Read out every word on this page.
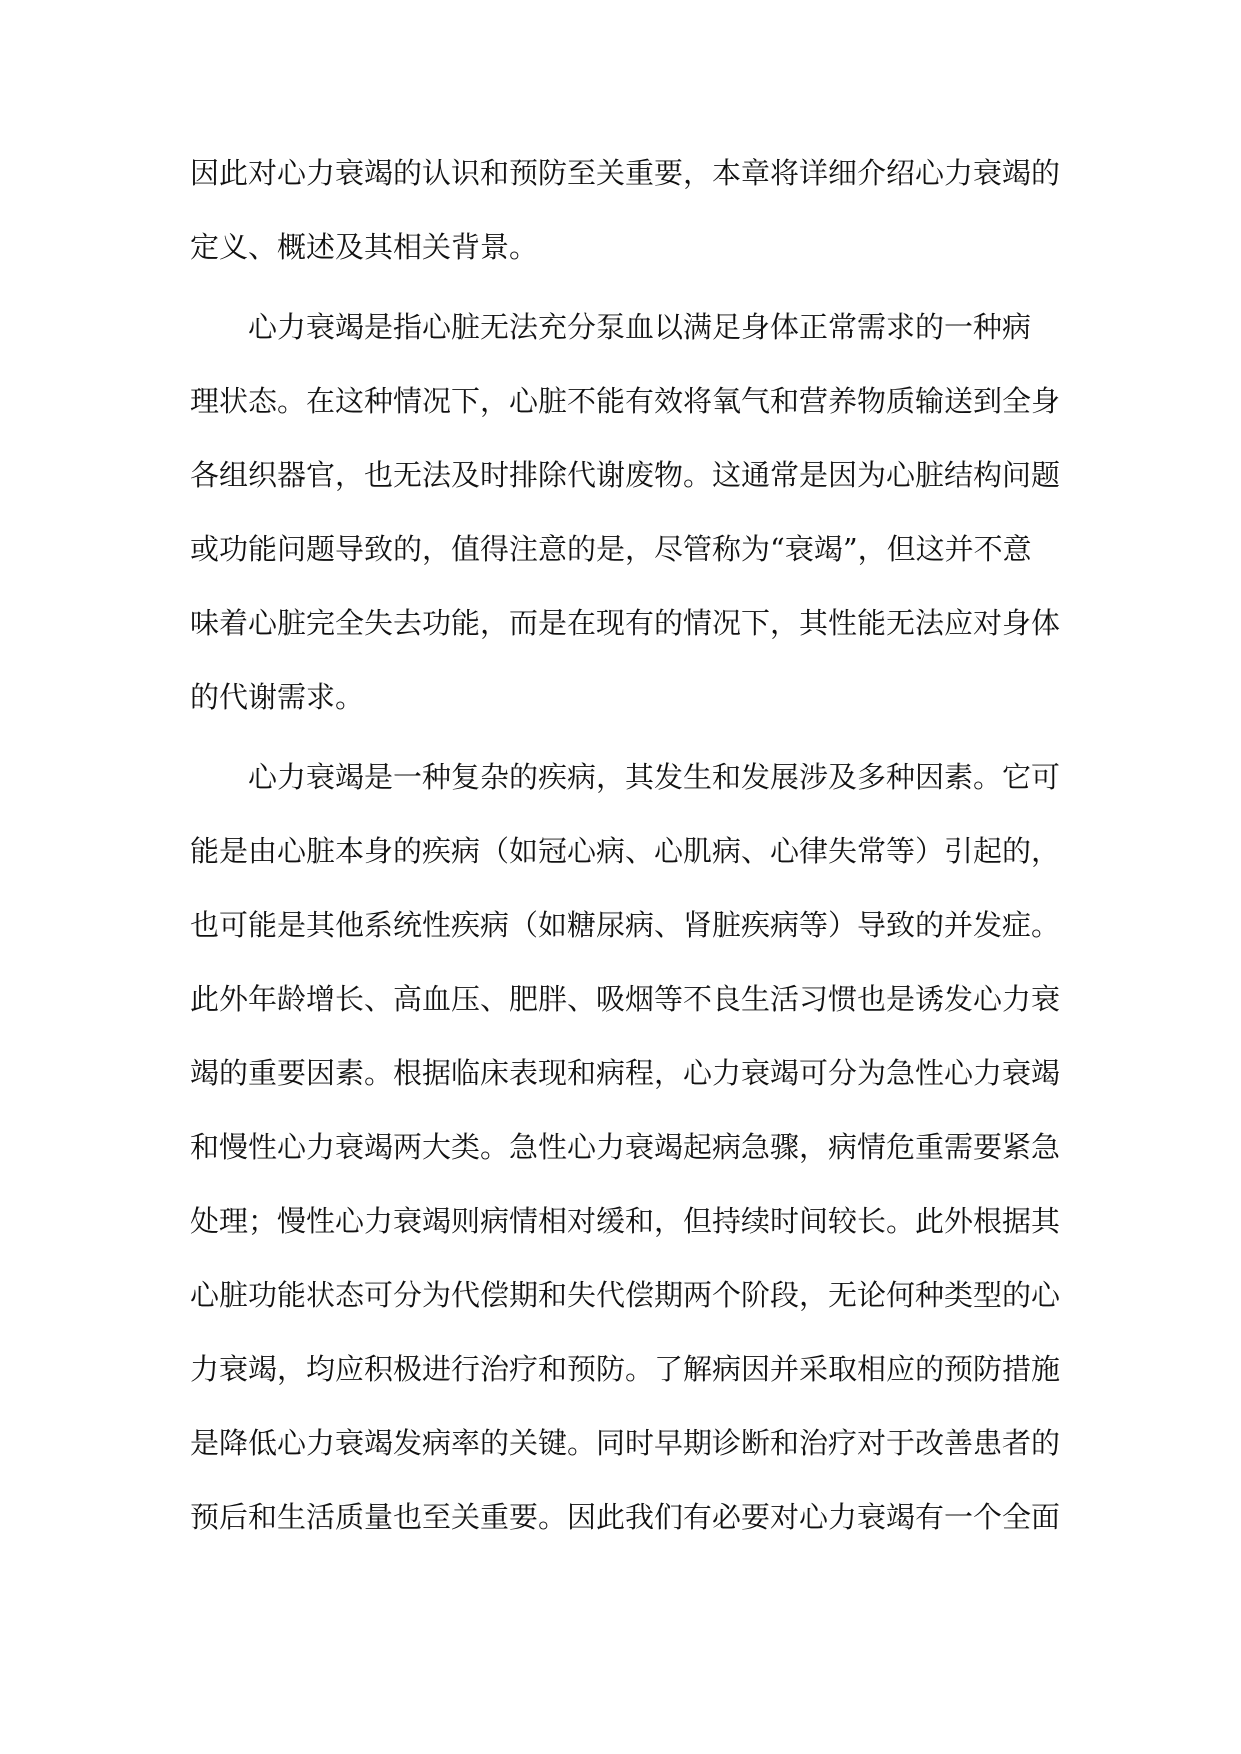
因此对心力衰竭的认识和预防至关重要，本章将详细介绍心力衰竭的
定义、概述及其相关背景。
心力衰竭是指心脏无法充分泵血以满足身体正常需求的一种病
理状态。在这种情况下，心脏不能有效将氧气和营养物质输送到全身
各组织器官，也无法及时排除代谢废物。这通常是因为心脏结构问题
或功能问题导致的，值得注意的是，尽管称为“衰竭”，但这并不意
味着心脏完全失去功能，而是在现有的情况下，其性能无法应对身体
的代谢需求。
心力衰竭是一种复杂的疾病，其发生和发展涉及多种因素。它可
能是由心脏本身的疾病（如冠心病、心肌病、心律失常等）引起的，
也可能是其他系统性疾病（如糖尿病、肾脏疾病等）导致的并发症。
此外年龄增长、高血压、肥胖、吸烟等不良生活习惯也是诱发心力衰
竭的重要因素。根据临床表现和病程，心力衰竭可分为急性心力衰竭
和慢性心力衰竭两大类。急性心力衰竭起病急骤，病情危重需要紧急
处理；慢性心力衰竭则病情相对缓和，但持续时间较长。此外根据其
心脏功能状态可分为代偿期和失代偿期两个阶段，无论何种类型的心
力衰竭，均应积极进行治疗和预防。了解病因并采取相应的预防措施
是降低心力衰竭发病率的关键。同时早期诊断和治疗对于改善患者的
预后和生活质量也至关重要。因此我们有必要对心力衰竭有一个全面
